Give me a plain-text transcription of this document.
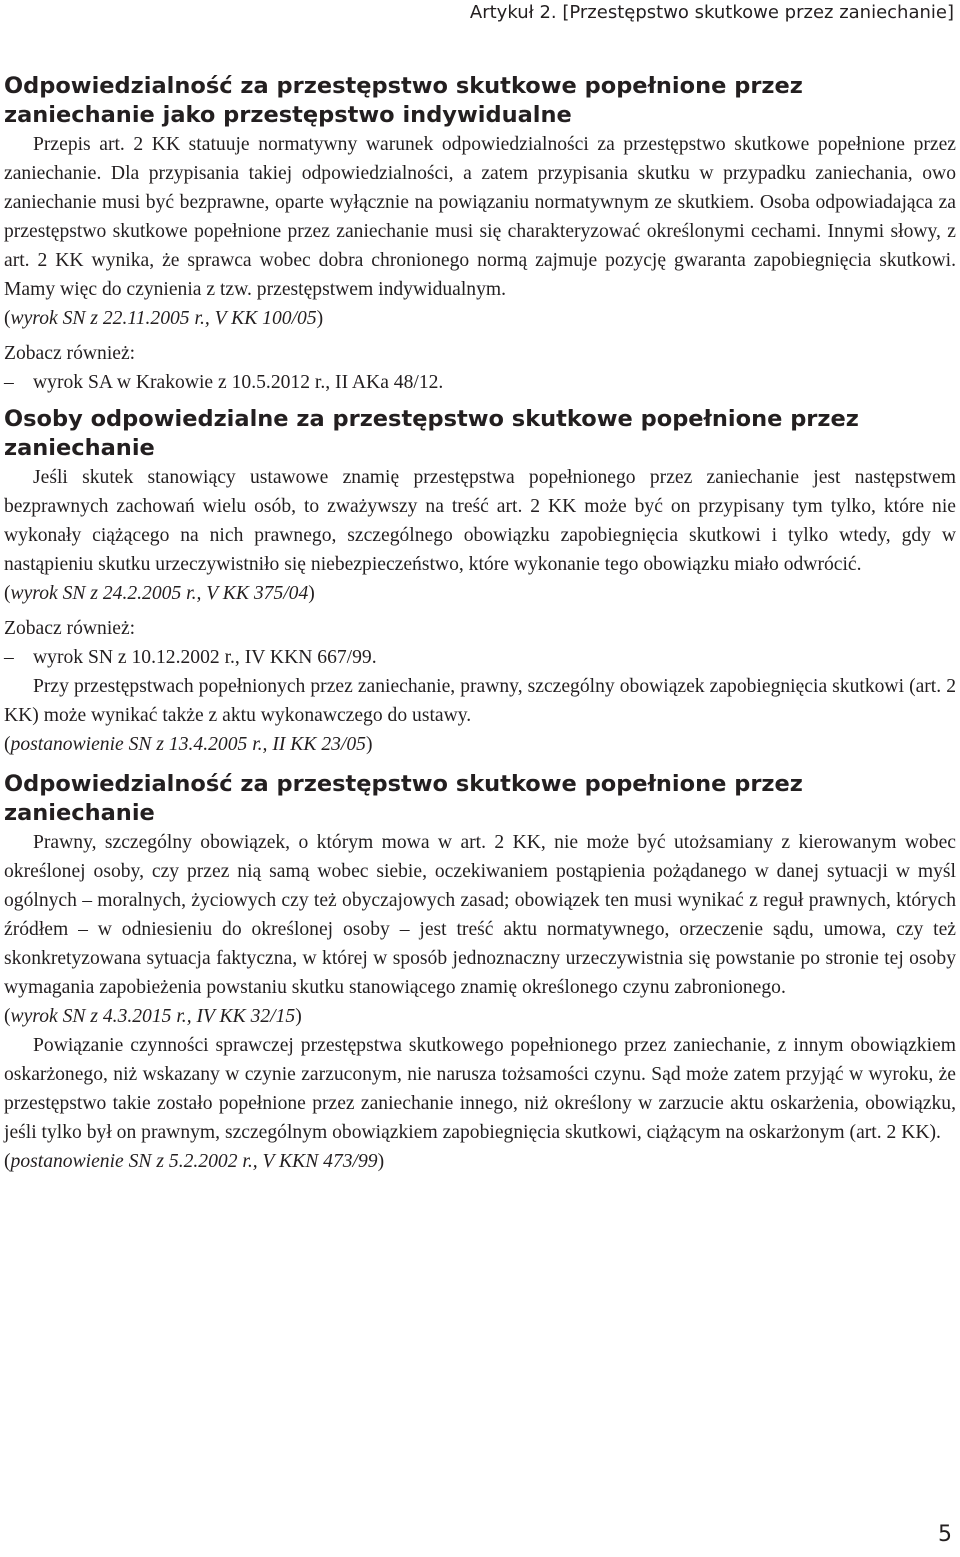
Artykuł 2. [Przestępstwo skutkowe przez zaniechanie]
Odpowiedzialność za przestępstwo skutkowe popełnione przez zaniechanie jako przestępstwo indywidualne

Przepis art. 2 KK statuuje normatywny warunek odpowiedzialności za przestępstwo skutkowe popełnione przez zaniechanie. Dla przypisania takiej odpowiedzialności, a zatem przypisania skutku w przypadku zaniechania, owo zaniechanie musi być bezprawne, oparte wyłącznie na powiązaniu normatywnym ze skutkiem. Osoba odpowiadająca za przestępstwo skutkowe popełnione przez zaniechanie musi się charakteryzować określonymi cechami. Innymi słowy, z art. 2 KK wynika, że sprawca wobec dobra chronionego normą zajmuje pozycję gwaranta zapobiegnięcia skutkowi. Mamy więc do czynienia z tzw. przestępstwem indywidualnym.

(wyrok SN z 22.11.2005 r., V KK 100/05)

Zobacz również:

– wyrok SA w Krakowie z 10.5.2012 r., II AKa 48/12.

Osoby odpowiedzialne za przestępstwo skutkowe popełnione przez zaniechanie

Jeśli skutek stanowiący ustawowe znamię przestępstwa popełnionego przez zaniechanie jest następstwem bezprawnych zachowań wielu osób, to zważywszy na treść art. 2 KK może być on przypisany tym tylko, które nie wykonały ciążącego na nich prawnego, szczególnego obowiązku zapobiegnięcia skutkowi i tylko wtedy, gdy w nastąpieniu skutku urzeczywistniło się niebezpieczeństwo, które wykonanie tego obowiązku miało odwrócić.

(wyrok SN z 24.2.2005 r., V KK 375/04)

Zobacz również:

– wyrok SN z 10.12.2002 r., IV KKN 667/99.

Przy przestępstwach popełnionych przez zaniechanie, prawny, szczególny obowiązek zapobiegnięcia skutkowi (art. 2 KK) może wynikać także z aktu wykonawczego do ustawy.

(postanowienie SN z 13.4.2005 r., II KK 23/05)

Odpowiedzialność za przestępstwo skutkowe popełnione przez zaniechanie

Prawny, szczególny obowiązek, o którym mowa w art. 2 KK, nie może być utożsamiany z kierowanym wobec określonej osoby, czy przez nią samą wobec siebie, oczekiwaniem postąpienia pożądanego w danej sytuacji w myśl ogólnych – moralnych, życiowych czy też obyczajowych zasad; obowiązek ten musi wynikać z reguł prawnych, których źródłem – w odniesieniu do określonej osoby – jest treść aktu normatywnego, orzeczenie sądu, umowa, czy też skonkretyzowana sytuacja faktyczna, w której w sposób jednoznaczny urzeczywistnia się powstanie po stronie tej osoby wymagania zapobieżenia powstaniu skutku stanowiącego znamię określonego czynu zabronionego.

(wyrok SN z 4.3.2015 r., IV KK 32/15)

Powiązanie czynności sprawczej przestępstwa skutkowego popełnionego przez zaniechanie, z innym obowiązkiem oskarżonego, niż wskazany w czynie zarzuconym, nie narusza tożsamości czynu. Sąd może zatem przyjąć w wyroku, że przestępstwo takie zostało popełnione przez zaniechanie innego, niż określony w zarzucie aktu oskarżenia, obowiązku, jeśli tylko był on prawnym, szczególnym obowiązkiem zapobiegnięcia skutkowi, ciążącym na oskarżonym (art. 2 KK).

(postanowienie SN z 5.2.2002 r., V KKN 473/99)

5
